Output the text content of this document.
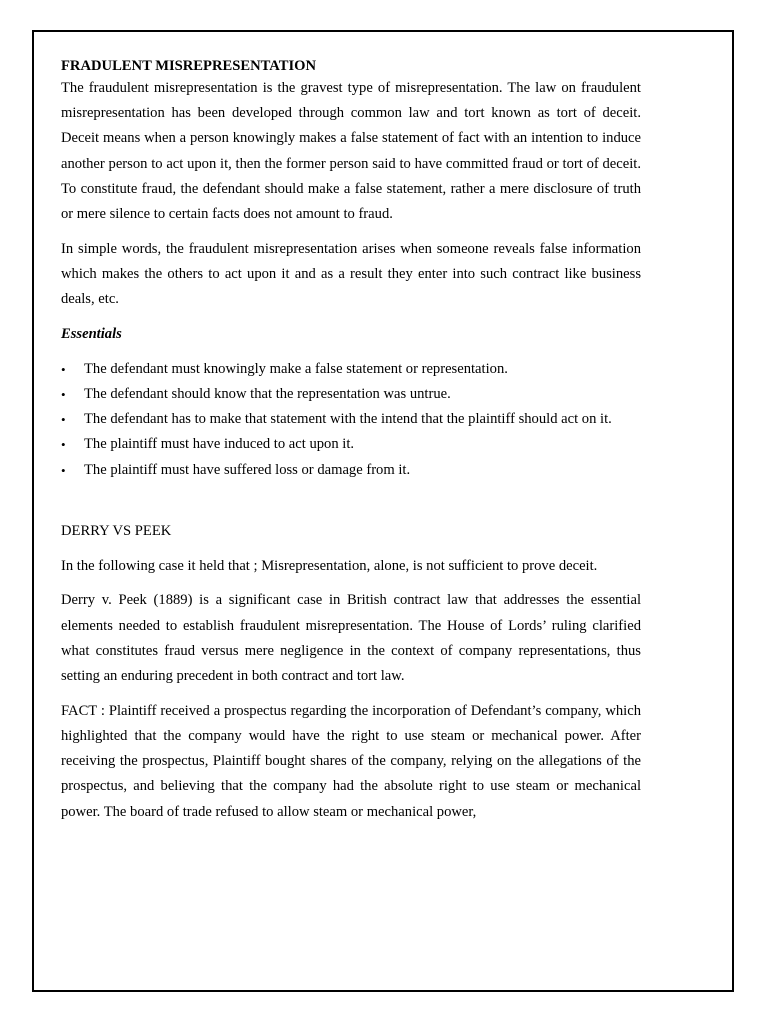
FRADULENT MISREPRESENTATION

The fraudulent misrepresentation is the gravest type of misrepresentation. The law on fraudulent misrepresentation has been developed through common law and tort known as tort of deceit. Deceit means when a person knowingly makes a false statement of fact with an intention to induce another person to act upon it, then the former person said to have committed fraud or tort of deceit. To constitute fraud, the defendant should make a false statement, rather a mere disclosure of truth or mere silence to certain facts does not amount to fraud.

In simple words, the fraudulent misrepresentation arises when someone reveals false information which makes the others to act upon it and as a result they enter into such contract like business deals, etc.

Essentials

• The defendant must knowingly make a false statement or representation.
• The defendant should know that the representation was untrue.
• The defendant has to make that statement with the intend that the plaintiff should act on it.
• The plaintiff must have induced to act upon it.
• The plaintiff must have suffered loss or damage from it.

DERRY VS PEEK

In the following case it held that ; Misrepresentation, alone, is not sufficient to prove deceit.

Derry v. Peek (1889) is a significant case in British contract law that addresses the essential elements needed to establish fraudulent misrepresentation. The House of Lords’ ruling clarified what constitutes fraud versus mere negligence in the context of company representations, thus setting an enduring precedent in both contract and tort law.

FACT : Plaintiff received a prospectus regarding the incorporation of Defendant’s company, which highlighted that the company would have the right to use steam or mechanical power. After receiving the prospectus, Plaintiff bought shares of the company, relying on the allegations of the prospectus, and believing that the company had the absolute right to use steam or mechanical power. The board of trade refused to allow steam or mechanical power,
